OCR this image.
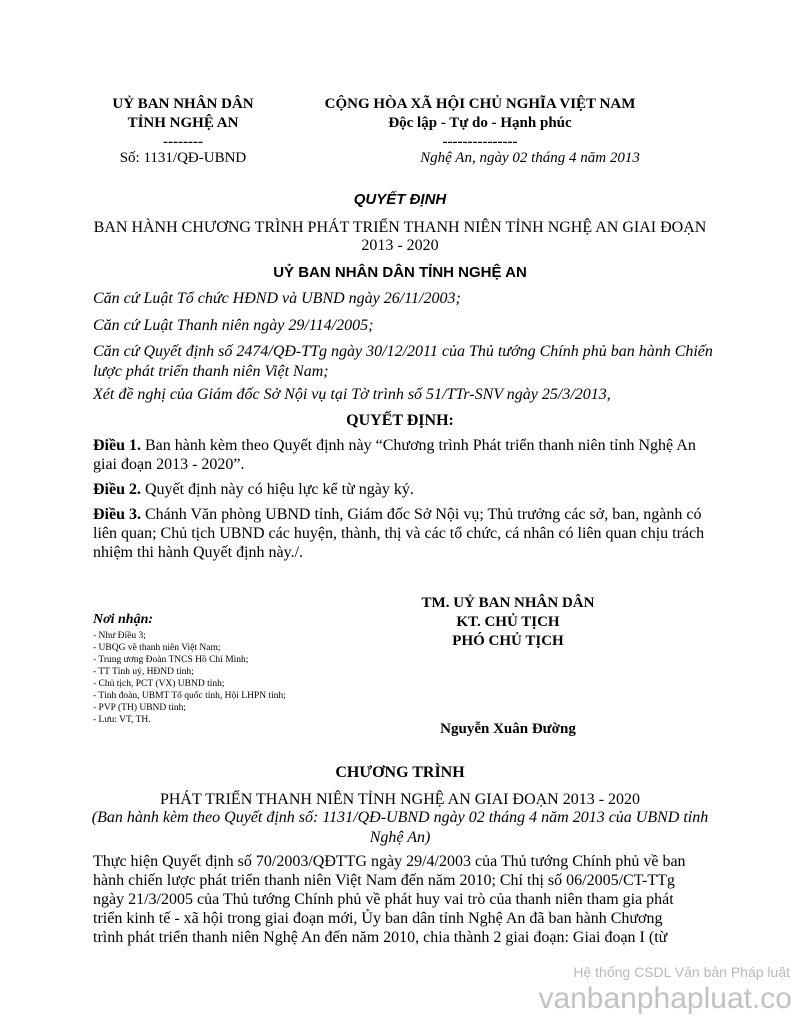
UỶ BAN NHÂN DÂN
TỈNH NGHỆ AN
--------
Số: 1131/QĐ-UBND
CỘNG HÒA XÃ HỘI CHỦ NGHĨA VIỆT NAM
Độc lập - Tự do - Hạnh phúc
---------------
Nghệ An, ngày 02 tháng 4 năm 2013
QUYẾT ĐỊNH
BAN HÀNH CHƯƠNG TRÌNH PHÁT TRIỂN THANH NIÊN TỈNH NGHỆ AN GIAI ĐOẠN
2013 - 2020
UỶ BAN NHÂN DÂN TỈNH NGHỆ AN
Căn cứ Luật Tổ chức HĐND và UBND ngày 26/11/2003;
Căn cứ Luật Thanh niên ngày 29/114/2005;
Căn cứ Quyết định số 2474/QĐ-TTg ngày 30/12/2011 của Thủ tướng Chính phủ ban hành Chiến
lược phát triển thanh niên Việt Nam;
Xét đề nghị của Giám đốc Sở Nội vụ tại Tờ trình số 51/TTr-SNV ngày 25/3/2013,
QUYẾT ĐỊNH:
Điều 1. Ban hành kèm theo Quyết định này “Chương trình Phát triển thanh niên tỉnh Nghệ An
giai đoạn 2013 - 2020”.
Điều 2. Quyết định này có hiệu lực kể từ ngày ký.
Điều 3. Chánh Văn phòng UBND tỉnh, Giám đốc Sở Nội vụ; Thủ trưởng các sở, ban, ngành có
liên quan; Chủ tịch UBND các huyện, thành, thị và các tổ chức, cá nhân có liên quan chịu trách
nhiệm thi hành Quyết định này./.
Nơi nhận:
- Như Điều 3;
- UBQG về thanh niên Việt Nam;
- Trung ương Đoàn TNCS Hồ Chí Minh;
- TT Tỉnh uỷ, HĐND tỉnh;
- Chủ tịch, PCT (VX) UBND tỉnh;
- Tỉnh đoàn, UBMT Tổ quốc tỉnh, Hội LHPN tỉnh;
- PVP (TH) UBND tỉnh;
- Lưu: VT, TH.
TM. UỶ BAN NHÂN DÂN
KT. CHỦ TỊCH
PHÓ CHỦ TỊCH
Nguyễn Xuân Đường
CHƯƠNG TRÌNH
PHÁT TRIỂN THANH NIÊN TỈNH NGHỆ AN GIAI ĐOẠN 2013 - 2020
(Ban hành kèm theo Quyết định số: 1131/QĐ-UBND ngày 02 tháng 4 năm 2013 của UBND tỉnh
Nghệ An)
Thực hiện Quyết định số 70/2003/QĐTTG ngày 29/4/2003 của Thủ tướng Chính phủ về ban
hành chiến lược phát triển thanh niên Việt Nam đến năm 2010; Chỉ thị số 06/2005/CT-TTg
ngày 21/3/2005 của Thủ tướng Chính phủ về phát huy vai trò của thanh niên tham gia phát
triển kinh tế - xã hội trong giai đoạn mới, Ủy ban dân tỉnh Nghệ An đã ban hành Chương
trình phát triển thanh niên Nghệ An đến năm 2010, chia thành 2 giai đoạn: Giai đoạn I (từ
Hệ thống CSDL Văn bản Pháp luật
vanbanphapluat.co
